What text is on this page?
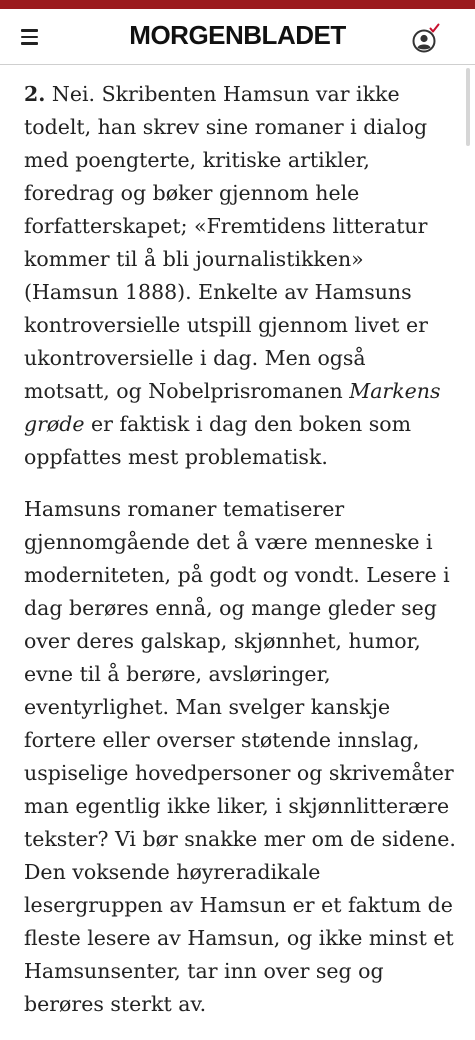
MORGENBLADET

2. Nei. Skribenten Hamsun var ikke todelt, han skrev sine romaner i dialog med poengterte, kritiske artikler, foredrag og bøker gjennom hele forfatterskapet; «Fremtidens litteratur kommer til å bli journalistikken» (Hamsun 1888). Enkelte av Hamsuns kontroversielle utspill gjennom livet er ukontroversielle i dag. Men også motsatt, og Nobelprisromanen Markens grøde er faktisk i dag den boken som oppfattes mest problematisk.

Hamsuns romaner tematiserer gjennomgående det å være menneske i moderniteten, på godt og vondt. Lesere i dag berøres ennå, og mange gleder seg over deres galskap, skjønnhet, humor, evne til å berøre, avsløringer, eventyrlighet. Man svelger kanskje fortere eller overser støtende innslag, uspiselige hovedpersoner og skrivemåter man egentlig ikke liker, i skjønnlitterære tekster? Vi bør snakke mer om de sidene. Den voksende høyreradikale lesergruppen av Hamsun er et faktum de fleste lesere av Hamsun, og ikke minst et Hamsunsenter, tar inn over seg og berøres sterkt av.
